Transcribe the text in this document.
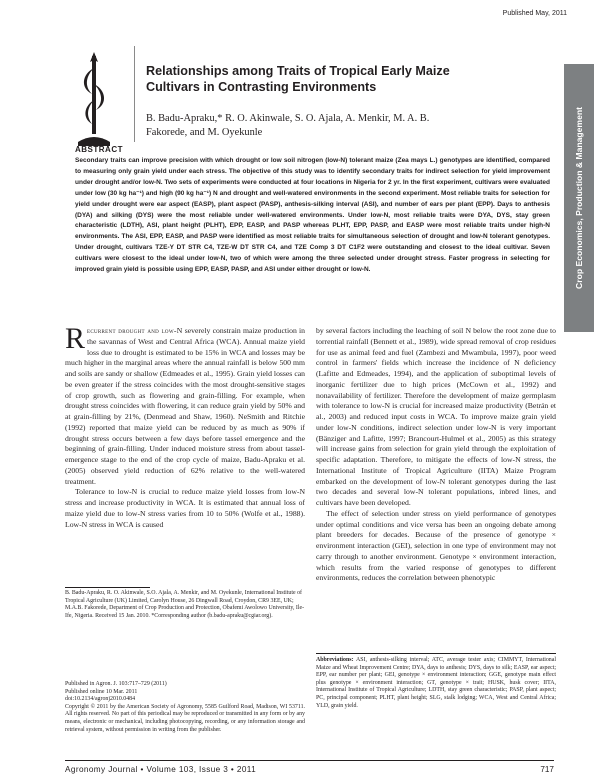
Published May, 2011
Relationships among Traits of Tropical Early Maize Cultivars in Contrasting Environments

B. Badu-Apraku,* R. O. Akinwale, S. O. Ajala, A. Menkir, M. A. B. Fakorede, and M. Oyekunle	Crop Economics, Production & Management
ABSTRACT

Secondary traits can improve precision with which drought or low soil nitrogen (low-N) tolerant maize (Zea mays L.) genotypes are identified, compared to measuring only grain yield under each stress. The objective of this study was to identify secondary traits for indirect selection for yield improvement under drought and/or low-N. Two sets of experiments were conducted at four locations in Nigeria for 2 yr. In the first experiment, cultivars were evaluated under low (30 kg ha⁻¹) and high (90 kg ha⁻¹) N and drought and well-watered environments in the second experiment. Most reliable traits for selection for yield under drought were ear aspect (EASP), plant aspect (PASP), anthesis-silking interval (ASI), and number of ears per plant (EPP). Days to anthesis (DYA) and silking (DYS) were the most reliable under well-watered environments. Under low-N, most reliable traits were DYA, DYS, stay green characteristic (LDTH), ASI, plant height (PLHT), EPP, EASP, and PASP whereas PLHT, EPP, PASP, and EASP were most reliable traits under high-N environments. The ASI, EPP, EASP, and PASP were identified as most reliable traits for simultaneous selection of drought and low-N tolerant genotypes. Under drought, cultivars TZE-Y DT STR C4, TZE-W DT STR C4, and TZE Comp 3 DT C1F2 were outstanding and closest to the ideal cultivar. Seven cultivars were closest to the ideal under low-N, two of which were among the three selected under drought stress. Faster progress in selecting for improved grain yield is possible using EPP, EASP, PASP, and ASI under either drought or low-N.

Recurrent drought and low-N severely constrain maize production in the savannas of West and Central Africa (WCA). Annual maize yield loss due to drought is estimated to be 15% in WCA and losses may be much higher in the marginal areas where the annual rainfall is below 500 mm and soils are sandy or shallow (Edmeades et al., 1995). Grain yield losses can be even greater if the stress coincides with the most drought-sensitive stages of crop growth, such as flowering and grain-filling. For example, when drought stress coincides with flowering, it can reduce grain yield by 50% and at grain-filling by 21%, (Denmead and Shaw, 1960). NeSmith and Ritchie (1992) reported that maize yield can be reduced by as much as 90% if drought stress occurs between a few days before tassel emergence and the beginning of grain-filling. Under induced moisture stress from about tassel-emergence stage to the end of the crop cycle of maize, Badu-Apraku et al. (2005) observed yield reduction of 62% relative to the well-watered treatment.

Tolerance to low-N is crucial to reduce maize yield losses from low-N stress and increase productivity in WCA. It is estimated that annual loss of maize yield due to low-N stress varies from 10 to 50% (Wolfe et al., 1988). Low-N stress in WCA is caused

by several factors including the leaching of soil N below the root zone due to torrential rainfall (Bennett et al., 1989), wide spread removal of crop residues for use as animal feed and fuel (Zambezi and Mwambula, 1997), poor weed control in farmers' fields which increase the incidence of N deficiency (Lafitte and Edmeades, 1994), and the application of suboptimal levels of inorganic fertilizer due to high prices (McCown et al., 1992) and nonavailability of fertilizer. Therefore the development of maize germplasm with tolerance to low-N is crucial for increased maize productivity (Betrán et al., 2003) and reduced input costs in WCA. To improve maize grain yield under low-N conditions, indirect selection under low-N is very important (Bänziger and Lafitte, 1997; Brancourt-Hulmel et al., 2005) as this strategy will increase gains from selection for grain yield through the exploitation of specific adaptation. Therefore, to mitigate the effects of low-N stress, the International Institute of Tropical Agriculture (IITA) Maize Program embarked on the development of low-N tolerant genotypes during the last two decades and several low-N tolerant populations, inbred lines, and cultivars have been developed.

The effect of selection under stress on yield performance of genotypes under optimal conditions and vice versa has been an ongoing debate among plant breeders for decades. Because of the presence of genotype × environment interaction (GEI), selection in one type of environment may not carry through to another environment. Genotype × environment interaction, which results from the varied response of genotypes to different environments, reduces the correlation between phenotypic

B. Badu-Apraku, R. O. Akinwale, S.O. Ajala, A. Menkir, and M. Oyekunle, International Institute of Tropical Agriculture (UK) Limited, Carolyn House, 26 Dingwall Road, Croydon, CR9 3EE, UK; M.A.B. Fakorede, Department of Crop Production and Protection, Obafemi Awolowo University, Ile-Ife, Nigeria. Received 15 Jan. 2010. *Corresponding author (b.badu-apraku@cgiar.org).

Published in Agron. J. 103:717–729 (2011)
Published online 10 Mar. 2011
doi:10.2134/agronj2010.0484
Copyright © 2011 by the American Society of Agronomy, 5585 Guilford Road, Madison, WI 53711. All rights reserved. No part of this periodical may be reproduced or transmitted in any form or by any means, electronic or mechanical, including photocopying, recording, or any information storage and retrieval system, without permission in writing from the publisher.

Abbreviations: ASI, anthesis-silking interval; ATC, average tester axis; CIMMYT, International Maize and Wheat Improvement Centre; DYA, days to anthesis; DYS, days to silk; EASP, ear aspect; EPP, ear number per plant; GEI, genotype × environment interaction; GGE, genotype main effect plus genotype × environment interaction; GT, genotype × trait; HUSK, husk cover; IITA, International Institute of Tropical Agriculture; LDTH, stay green characteristic; PASP, plant aspect; PC, principal component; PLHT, plant height; SLG, stalk lodging; WCA, West and Central Africa; YLD, grain yield.

Agronomy Journal • Volume 103, Issue 3 • 2011	717
